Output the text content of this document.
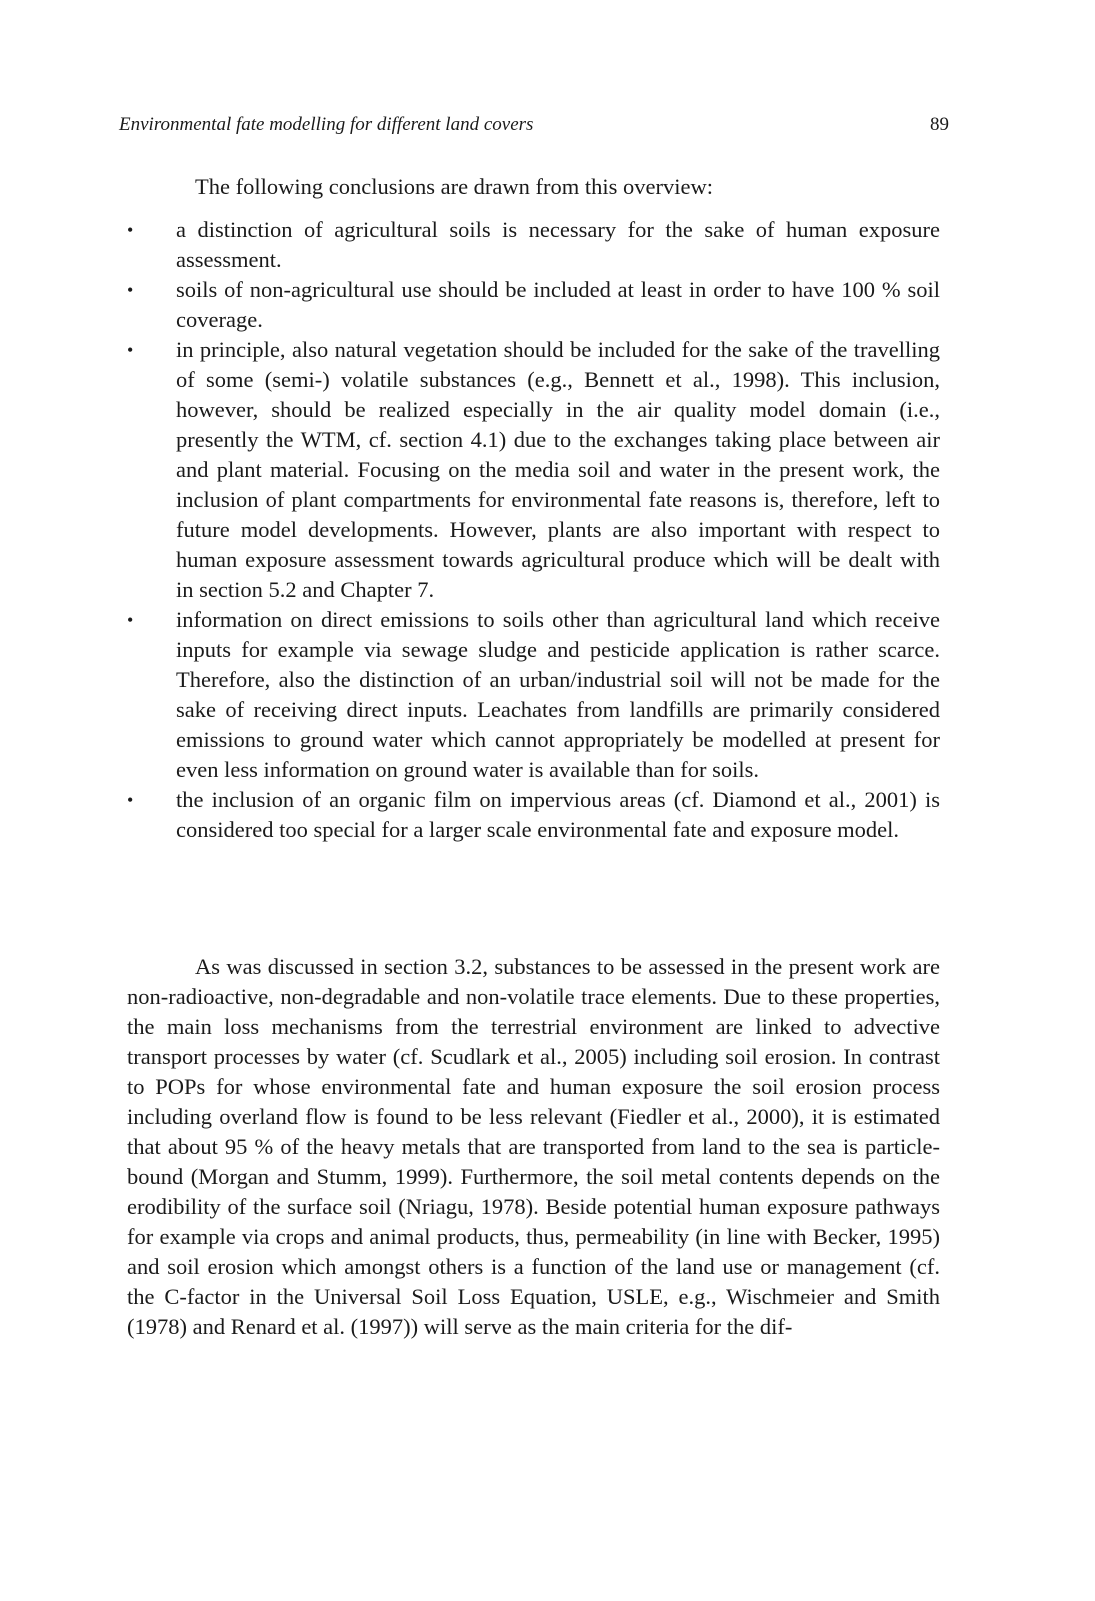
Environmental fate modelling for different land covers	89
The following conclusions are drawn from this overview:
•	a distinction of agricultural soils is necessary for the sake of human exposure assessment.
•	soils of non-agricultural use should be included at least in order to have 100 % soil coverage.
•	in principle, also natural vegetation should be included for the sake of the travelling of some (semi-) volatile substances (e.g., Bennett et al., 1998). This inclusion, however, should be realized especially in the air quality model domain (i.e., presently the WTM, cf. section 4.1) due to the exchanges taking place between air and plant material. Focusing on the media soil and water in the present work, the inclusion of plant compartments for environmental fate reasons is, therefore, left to future model developments. However, plants are also important with respect to human exposure assessment towards agricultural produce which will be dealt with in section 5.2 and Chapter 7.
•	information on direct emissions to soils other than agricultural land which receive inputs for example via sewage sludge and pesticide application is rather scarce. Therefore, also the distinction of an urban/industrial soil will not be made for the sake of receiving direct inputs. Leachates from landfills are primarily considered emissions to ground water which cannot appropriately be modelled at present for even less information on ground water is available than for soils.
•	the inclusion of an organic film on impervious areas (cf. Diamond et al., 2001) is considered too special for a larger scale environmental fate and exposure model.

As was discussed in section 3.2, substances to be assessed in the present work are non-radioactive, non-degradable and non-volatile trace elements. Due to these properties, the main loss mechanisms from the terrestrial environment are linked to advective transport processes by water (cf. Scudlark et al., 2005) including soil erosion. In contrast to POPs for whose environmental fate and human exposure the soil erosion process including overland flow is found to be less relevant (Fiedler et al., 2000), it is estimated that about 95 % of the heavy metals that are transported from land to the sea is particle-bound (Morgan and Stumm, 1999). Furthermore, the soil metal contents depends on the erodibility of the surface soil (Nriagu, 1978). Beside potential human exposure pathways for example via crops and animal products, thus, permeability (in line with Becker, 1995) and soil erosion which amongst others is a function of the land use or management (cf. the C-factor in the Universal Soil Loss Equation, USLE, e.g., Wischmeier and Smith (1978) and Renard et al. (1997)) will serve as the main criteria for the dif-
